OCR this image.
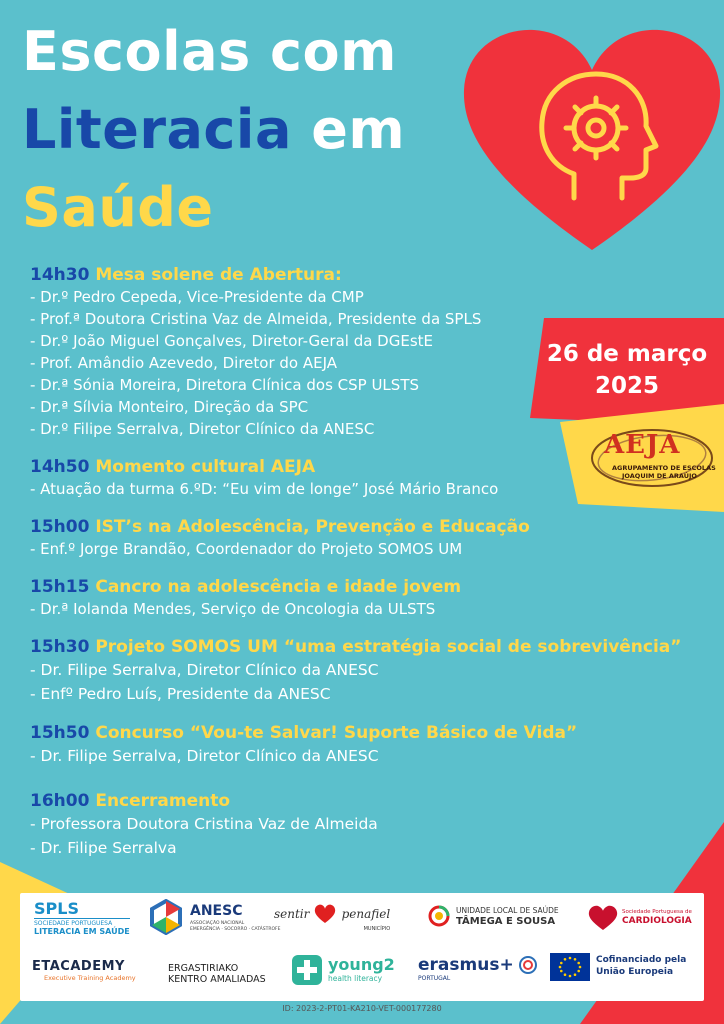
Escolas com
Literacia em
Saúde
26 de março
2025
AEJA
AGRUPAMENTO DE ESCOLAS
JOAQUIM DE ARAÚJO
14h30 Mesa solene de Abertura:
- Dr.º Pedro Cepeda, Vice-Presidente da CMP
- Prof.ª Doutora Cristina Vaz de Almeida, Presidente da SPLS
- Dr.º João Miguel Gonçalves, Diretor-Geral da DGEstE
- Prof. Amândio Azevedo, Diretor do AEJA
- Dr.ª Sónia Moreira, Diretora Clínica dos CSP ULSTS
- Dr.ª Sílvia Monteiro, Direção da SPC
- Dr.º Filipe Serralva, Diretor Clínico da ANESC
14h50 Momento cultural AEJA
- Atuação da turma 6.ºD: “Eu vim de longe” José Mário Branco
15h00 IST’s na Adolescência, Prevenção e Educação
- Enf.º Jorge Brandão, Coordenador do Projeto SOMOS UM
15h15 Cancro na adolescência e idade jovem
- Dr.ª Iolanda Mendes, Serviço de Oncologia da ULSTS
15h30 Projeto SOMOS UM “uma estratégia social de sobrevivência”
- Dr. Filipe Serralva, Diretor Clínico da ANESC
- Enfº Pedro Luís, Presidente da ANESC
15h50 Concurso “Vou-te Salvar! Suporte Básico de Vida”
- Dr. Filipe Serralva, Diretor Clínico da ANESC
16h00 Encerramento
- Professora Doutora Cristina Vaz de Almeida
- Dr. Filipe Serralva
SPLS
SOCIEDADE PORTUGUESA
LITERACIA EM SAÚDE
ANESC
ASSOCIAÇÃO NACIONAL
EMERGÊNCIA · SOCORRO · CATÁSTROFE
sentir	penafiel
MUNICÍPIO
UNIDADE LOCAL DE SAÚDE
TÂMEGA E SOUSA
Sociedade Portuguesa de
CARDIOLOGIA
ETACADEMY
Executive Training Academy
ERGASTIRIAKO
KENTRO AMALIADAS
young2
health literacy
erasmus+
PORTUGAL
Cofinanciado pela
União Europeia
ID: 2023-2-PT01-KA210-VET-000177280
